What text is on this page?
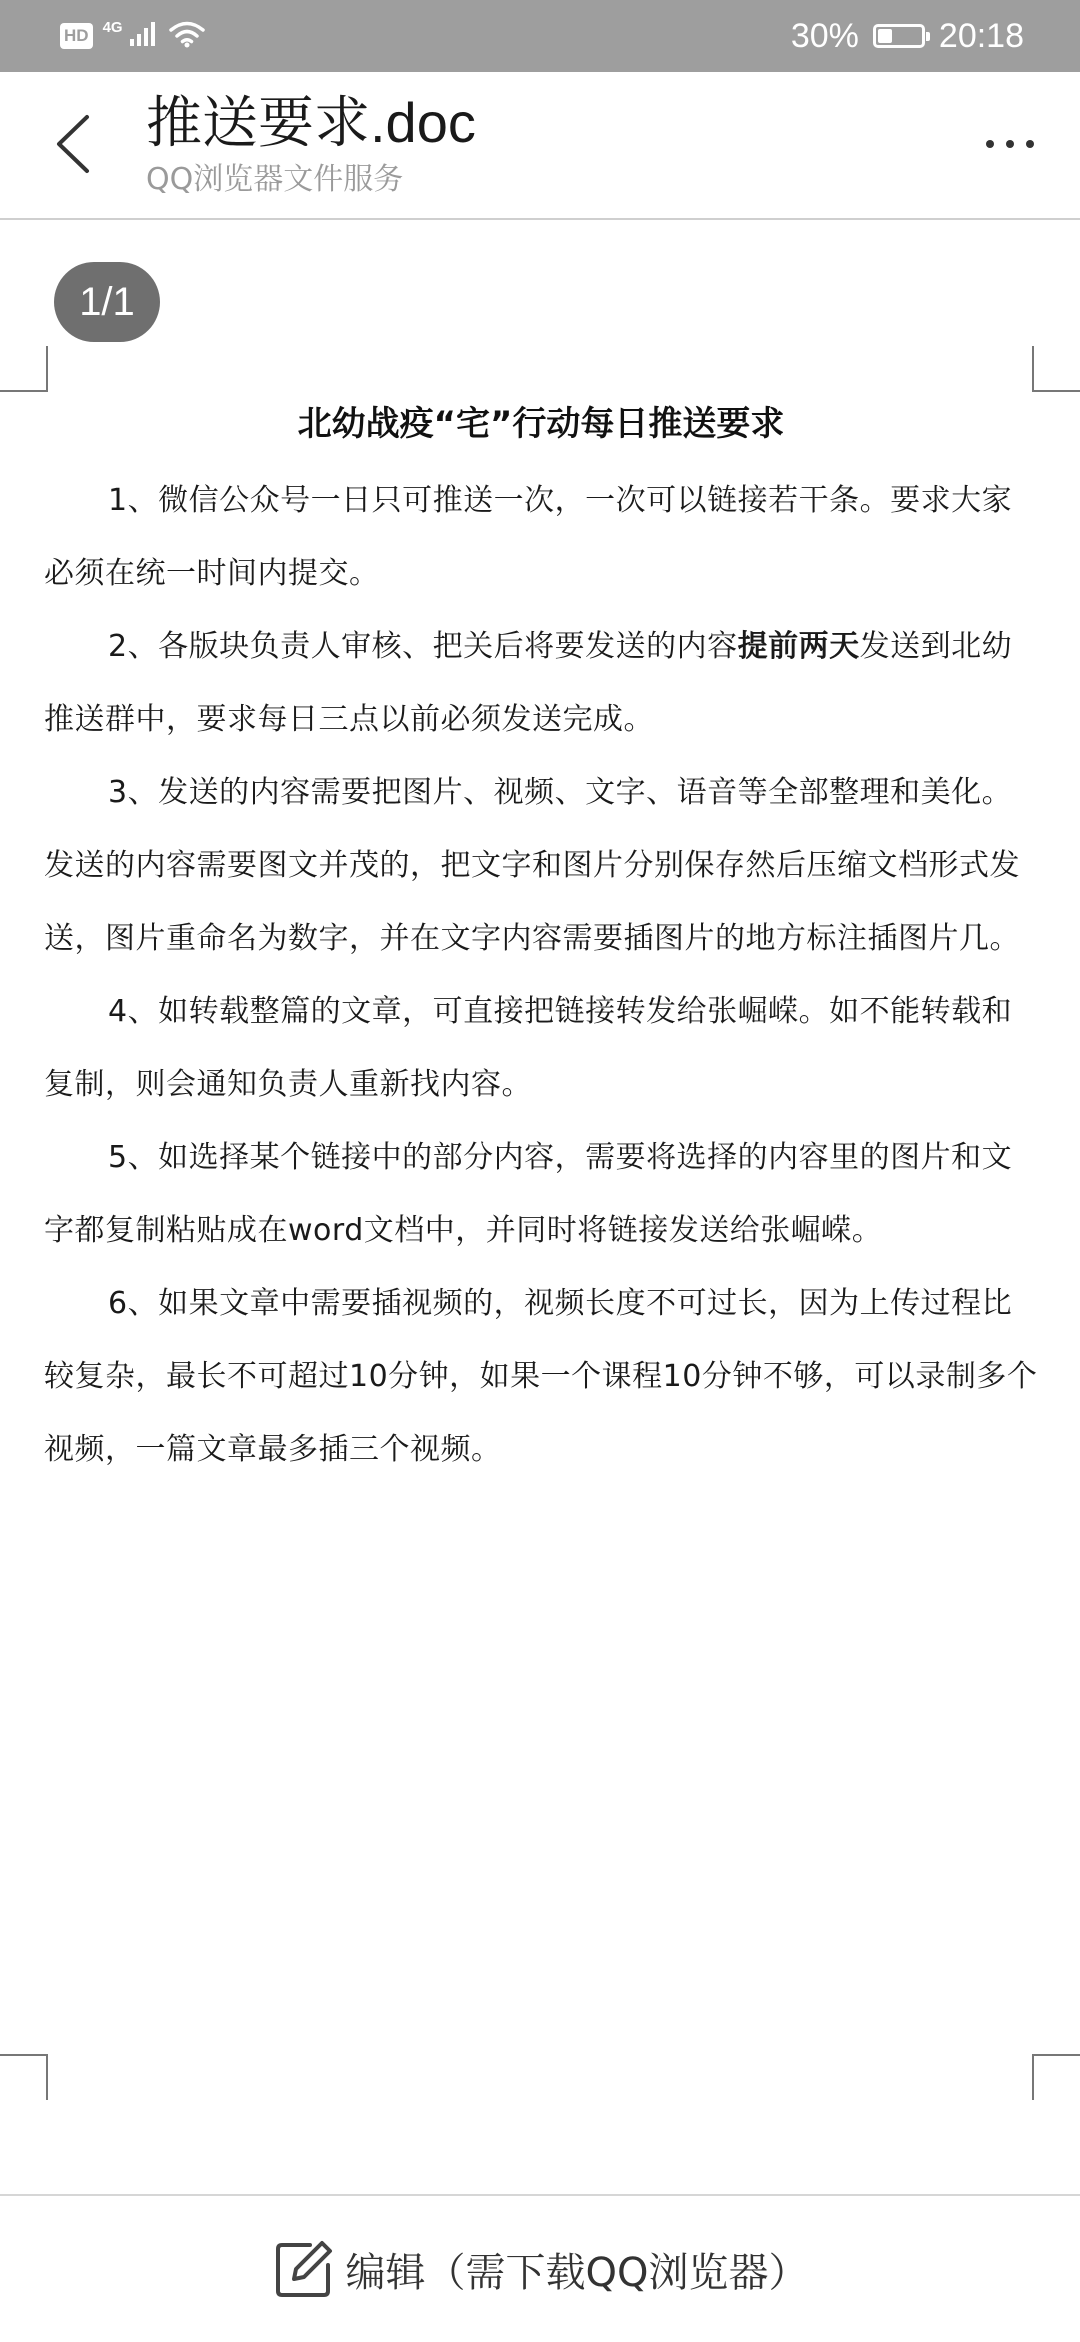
HD 4G	30% 20:18
推送要求.doc
QQ浏览器文件服务
1/1
北幼战疫“宅”行动每日推送要求

1、微信公众号一日只可推送一次，一次可以链接若干条。要求大家必须在统一时间内提交。

2、各版块负责人审核、把关后将要发送的内容提前两天发送到北幼推送群中，要求每日三点以前必须发送完成。

3、发送的内容需要把图片、视频、文字、语音等全部整理和美化。发送的内容需要图文并茂的，把文字和图片分别保存然后压缩文档形式发送，图片重命名为数字，并在文字内容需要插图片的地方标注插图片几。

4、如转载整篇的文章，可直接把链接转发给张崛嵘。如不能转载和复制，则会通知负责人重新找内容。

5、如选择某个链接中的部分内容，需要将选择的内容里的图片和文字都复制粘贴成在word文档中，并同时将链接发送给张崛嵘。

6、如果文章中需要插视频的，视频长度不可过长，因为上传过程比较复杂，最长不可超过10分钟，如果一个课程10分钟不够，可以录制多个视频，一篇文章最多插三个视频。

编辑（需下载QQ浏览器）
